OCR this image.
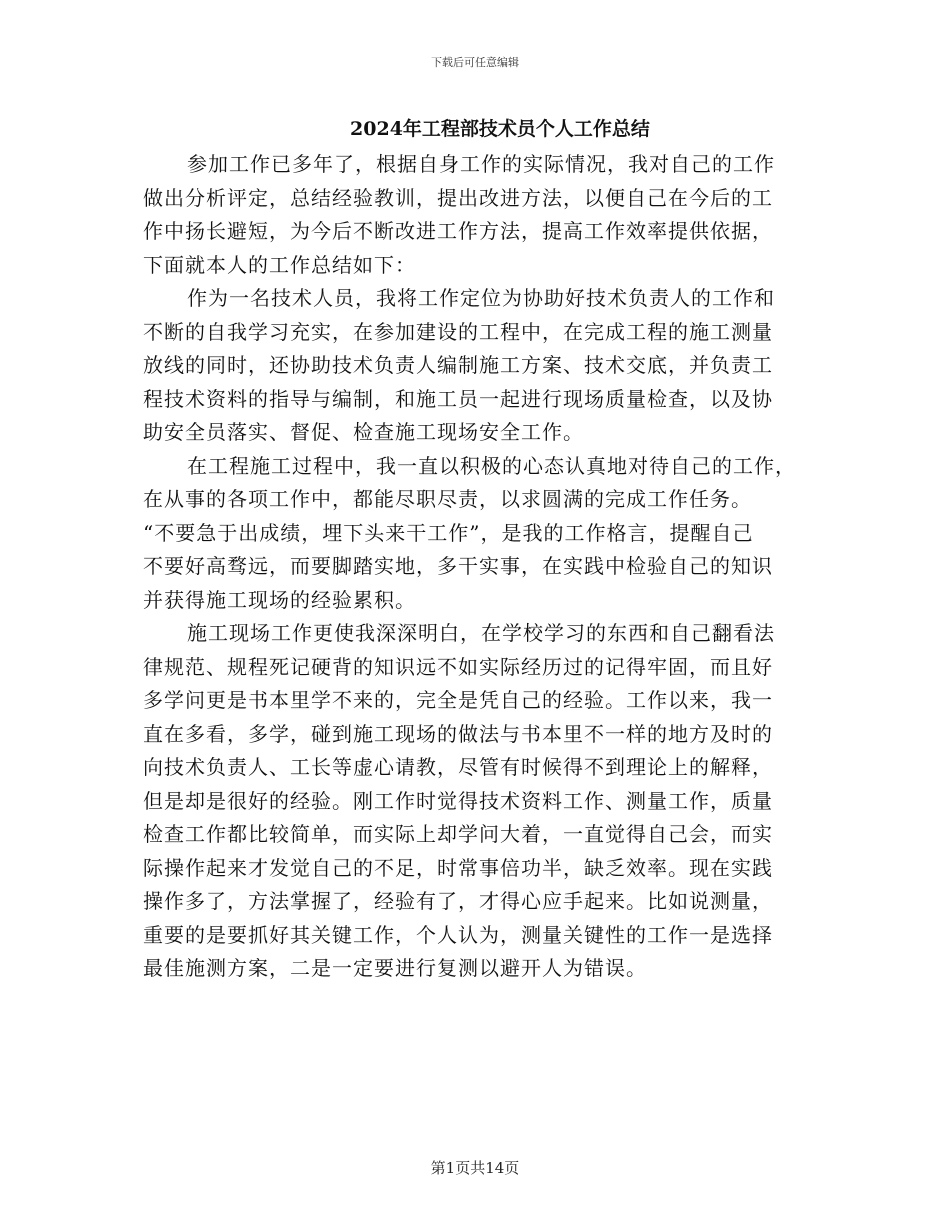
下载后可任意编辑
2024年工程部技术员个人工作总结
参加工作已多年了，根据自身工作的实际情况，我对自己的工作
做出分析评定，总结经验教训，提出改进方法，以便自己在今后的工
作中扬长避短，为今后不断改进工作方法，提高工作效率提供依据，
下面就本人的工作总结如下：
作为一名技术人员，我将工作定位为协助好技术负责人的工作和
不断的自我学习充实，在参加建设的工程中，在完成工程的施工测量
放线的同时，还协助技术负责人编制施工方案、技术交底，并负责工
程技术资料的指导与编制，和施工员一起进行现场质量检查，以及协
助安全员落实、督促、检查施工现场安全工作。
在工程施工过程中，我一直以积极的心态认真地对待自己的工作，
在从事的各项工作中，都能尽职尽责，以求圆满的完成工作任务。
“不要急于出成绩，埋下头来干工作”，是我的工作格言，提醒自己
不要好高骛远，而要脚踏实地，多干实事，在实践中检验自己的知识
并获得施工现场的经验累积。
施工现场工作更使我深深明白，在学校学习的东西和自己翻看法
律规范、规程死记硬背的知识远不如实际经历过的记得牢固，而且好
多学问更是书本里学不来的，完全是凭自己的经验。工作以来，我一
直在多看，多学，碰到施工现场的做法与书本里不一样的地方及时的
向技术负责人、工长等虚心请教，尽管有时候得不到理论上的解释，
但是却是很好的经验。刚工作时觉得技术资料工作、测量工作，质量
检查工作都比较简单，而实际上却学问大着，一直觉得自己会，而实
际操作起来才发觉自己的不足，时常事倍功半，缺乏效率。现在实践
操作多了，方法掌握了，经验有了，才得心应手起来。比如说测量，
重要的是要抓好其关键工作，个人认为，测量关键性的工作一是选择
最佳施测方案，二是一定要进行复测以避开人为错误。
第1页共14页
